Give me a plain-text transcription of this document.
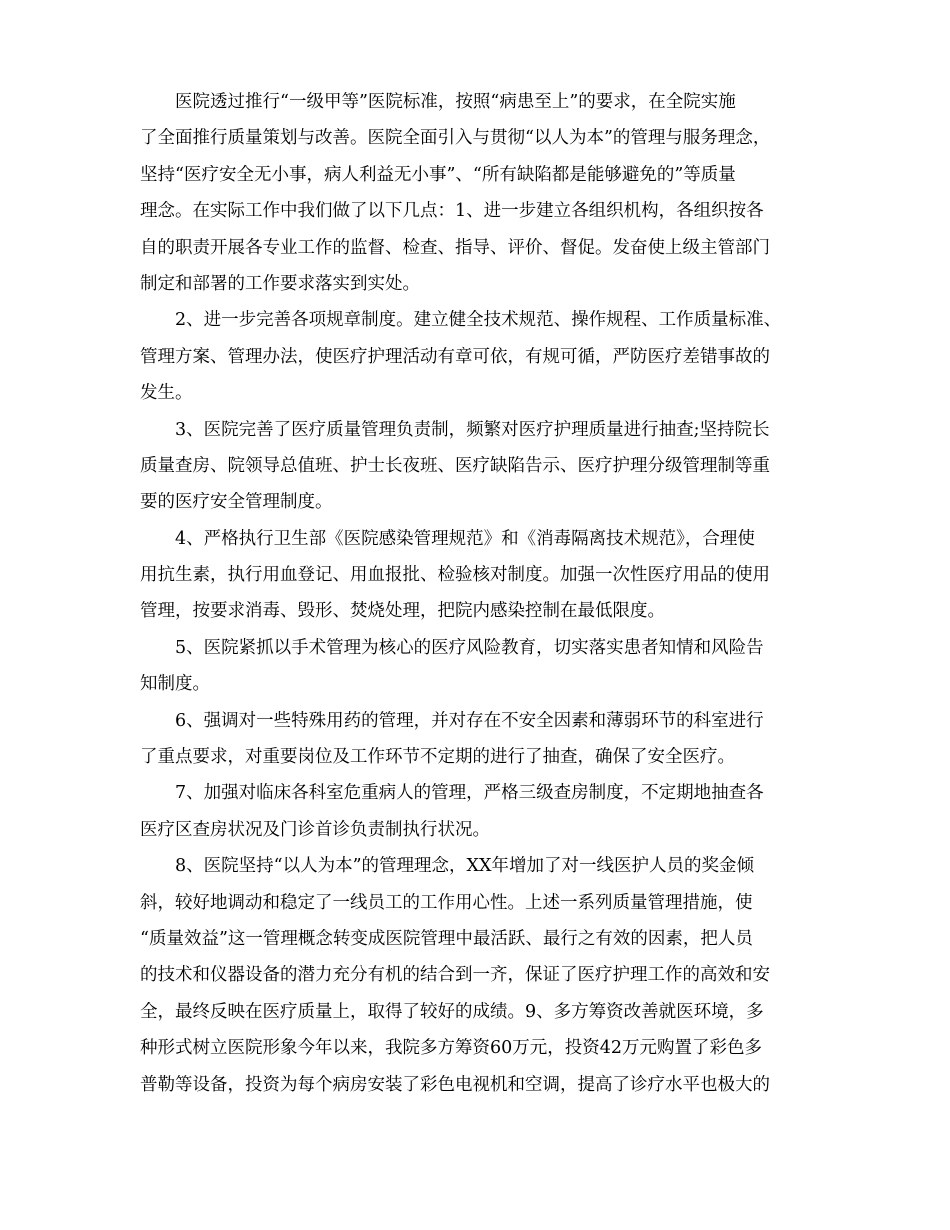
医院透过推行“一级甲等”医院标准，按照“病患至上”的要求，在全院实施
了全面推行质量策划与改善。医院全面引入与贯彻“以人为本”的管理与服务理念，
坚持“医疗安全无小事，病人利益无小事”、“所有缺陷都是能够避免的”等质量
理念。在实际工作中我们做了以下几点：1、进一步建立各组织机构，各组织按各
自的职责开展各专业工作的监督、检查、指导、评价、督促。发奋使上级主管部门
制定和部署的工作要求落实到实处。
2、进一步完善各项规章制度。建立健全技术规范、操作规程、工作质量标准、
管理方案、管理办法，使医疗护理活动有章可依，有规可循，严防医疗差错事故的
发生。
3、医院完善了医疗质量管理负责制，频繁对医疗护理质量进行抽查;坚持院长
质量查房、院领导总值班、护士长夜班、医疗缺陷告示、医疗护理分级管理制等重
要的医疗安全管理制度。
4、严格执行卫生部《医院感染管理规范》和《消毒隔离技术规范》，合理使
用抗生素，执行用血登记、用血报批、检验核对制度。加强一次性医疗用品的使用
管理，按要求消毒、毁形、焚烧处理，把院内感染控制在最低限度。
5、医院紧抓以手术管理为核心的医疗风险教育，切实落实患者知情和风险告
知制度。
6、强调对一些特殊用药的管理，并对存在不安全因素和薄弱环节的科室进行
了重点要求，对重要岗位及工作环节不定期的进行了抽查，确保了安全医疗。
7、加强对临床各科室危重病人的管理，严格三级查房制度，不定期地抽查各
医疗区查房状况及门诊首诊负责制执行状况。
8、医院坚持“以人为本”的管理理念，XX年增加了对一线医护人员的奖金倾
斜，较好地调动和稳定了一线员工的工作用心性。上述一系列质量管理措施，使
“质量效益”这一管理概念转变成医院管理中最活跃、最行之有效的因素，把人员
的技术和仪器设备的潜力充分有机的结合到一齐，保证了医疗护理工作的高效和安
全，最终反映在医疗质量上，取得了较好的成绩。9、多方筹资改善就医环境，多
种形式树立医院形象今年以来，我院多方筹资60万元，投资42万元购置了彩色多
普勒等设备，投资为每个病房安装了彩色电视机和空调，提高了诊疗水平也极大的
